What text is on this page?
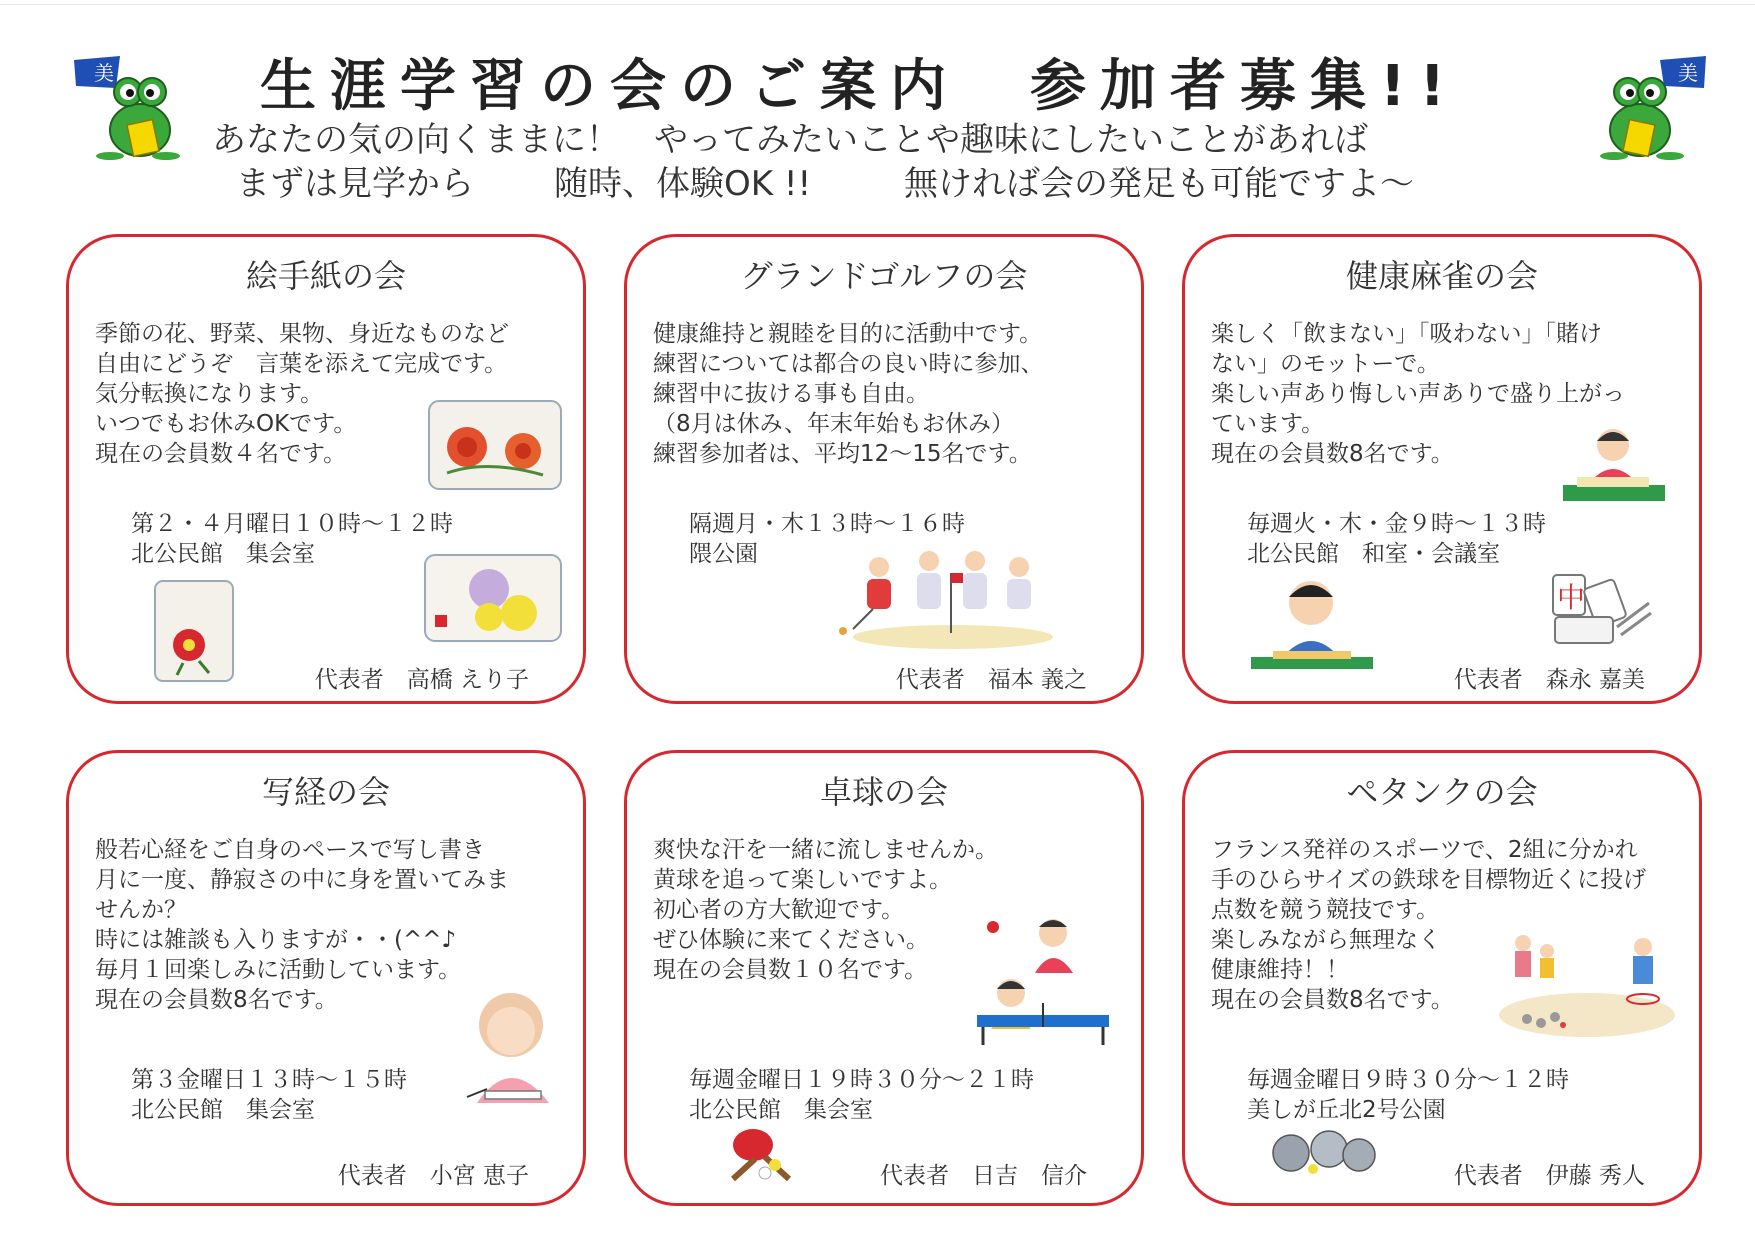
美	美
生涯学習の会のご案内　参加者募集!!
あなたの気の向くままに！　やってみたいことや趣味にしたいことがあれば
まずは見学から 随時、体験OK !!	無ければ会の発足も可能ですよ～
絵手紙の会
季節の花、野菜、果物、身近なものなど
自由にどうぞ　言葉を添えて完成です。
気分転換になります。
いつでもお休みOKです。
現在の会員数４名です。
第２・４月曜日１０時～１２時
北公民館　集会室
代表者　高橋 えり子
グランドゴルフの会
健康維持と親睦を目的に活動中です。
練習については都合の良い時に参加、
練習中に抜ける事も自由。
（8月は休み、年末年始もお休み）
練習参加者は、平均12～15名です。
隔週月・木１３時～１６時
隈公園
代表者　福本 義之
健康麻雀の会
楽しく「飲まない」「吸わない」「賭け
ない」のモットーで。
楽しい声あり悔しい声ありで盛り上がっ
ています。
現在の会員数8名です。
毎週火・木・金９時～１３時
北公民館　和室・会議室
代表者　森永 嘉美
中
写経の会
般若心経をご自身のペースで写し書き
月に一度、静寂さの中に身を置いてみま
せんか？
時には雑談も入りますが・・(^^♪
毎月１回楽しみに活動しています。
現在の会員数8名です。
第３金曜日１３時～１５時
北公民館　集会室
代表者　小宮 恵子
卓球の会
爽快な汗を一緒に流しませんか。
黄球を追って楽しいですよ。
初心者の方大歓迎です。
ぜひ体験に来てください。
現在の会員数１０名です。
毎週金曜日１９時３０分～２１時
北公民館　集会室
代表者　日吉　信介
ペタンクの会
フランス発祥のスポーツで、2組に分かれ
手のひらサイズの鉄球を目標物近くに投げ
点数を競う競技です。
楽しみながら無理なく
健康維持！！
現在の会員数8名です。
毎週金曜日９時３０分～１２時
美しが丘北2号公園
代表者　伊藤 秀人
